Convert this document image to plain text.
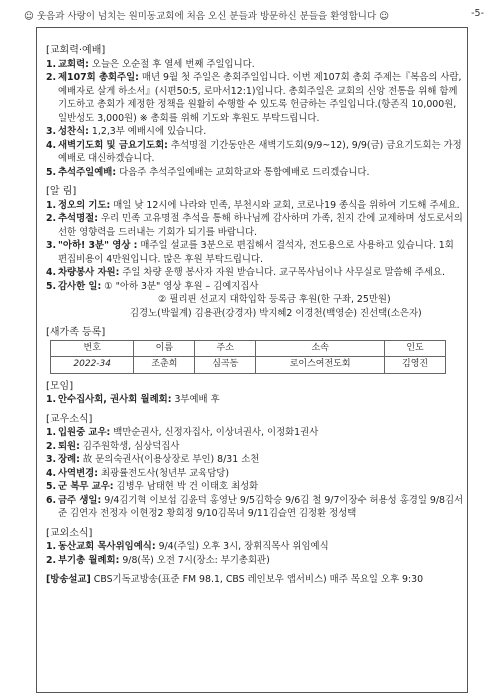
☺ 웃음과 사랑이 넘치는 원미동교회에 처음 오신 분들과 방문하신 분들을 환영합니다 ☺	-5-
[교회력·예배]
1. 교회력: 오늘은 오순절 후 열세 번째 주일입니다.
2. 제107회 총회주일: 매년 9월 첫 주일은 총회주일입니다. 이번 제107회 총회 주제는『복음의 사람, 예배자로 살게 하소서』(시편50:5, 로마서12:1)입니다. 총회주일은 교회의 신앙 전통을 위해 함께 기도하고 총회가 제정한 정책을 원활히 수행할 수 있도록 헌금하는 주일입니다.(항존직 10,000원, 일반성도 3,000원) ※ 총회를 위해 기도와 후원도 부탁드립니다.
3. 성찬식: 1,2,3부 예배시에 있습니다.
4. 새벽기도회 및 금요기도회: 추석명절 기간동안은 새벽기도회(9/9~12), 9/9(금) 금요기도회는 가정예배로 대신하겠습니다.
5. 추석주일예배: 다음주 추석주일예배는 교회학교와 통합예배로 드리겠습니다.
[알 림]
1. 정오의 기도: 매일 낮 12시에 나라와 민족, 부천시와 교회, 코로나19 종식을 위하여 기도해 주세요.
2. 추석명절: 우리 민족 고유명절 추석을 통해 하나님께 감사하며 가족, 친지 간에 교제하며 성도로서의 선한 영향력을 드러내는 기회가 되기를 바랍니다.
3. "아하! 3분" 영상 : 매주일 설교를 3분으로 편집해서 결석자, 전도용으로 사용하고 있습니다. 1회 편집비용이 4만원입니다. 많은 후원 부탁드립니다.
4. 차량봉사 자원: 주일 차량 운행 봉사자 자원 받습니다. 교구목사님이나 사무실로 말씀해 주세요.
5. 감사한 일: ① "아하 3분" 영상 후원 – 김예지집사
② 필리핀 선교지 대학입학 등록금 후원(한 구좌, 25만원)
김경노(박월계) 김용관(강경자) 박지혜2 이경천(백영순) 진선택(소은자)
[새가족 등록]
번호	이름	주소	소속	인도
2022-34	조춘희	심곡동	로이스여전도회	김영진
[모임]
1. 안수집사회, 권사회 월례회: 3부예배 후
[교우소식]
1. 입원중 교우: 백만순권사, 신정자집사, 이상녀권사, 이정화1권사
2. 퇴원: 김주원학생, 심상덕집사
3. 장례: 故 문의숙권사(이용상장로 부인) 8/31 소천
4. 사역변경: 최광률전도사(청년부 교육담당)
5. 군 복무 교우: 김병우 남태현 박 건 이태호 최성화
6. 금주 생일: 9/4김기혁 이보섭 김윤덕 홍영난 9/5김학승 9/6김 철 9/7이장수 허용성 홍경일 9/8김서준 김연자 전정자 이현정2 황희정 9/10김목녀 9/11김슬연 김정환 정성택
[교외소식]
1. 동산교회 목사위임예식: 9/4(주일) 오후 3시, 장휘직목사 위임예식
2. 부기총 월례회: 9/8(목) 오전 7시(장소: 부기총회관)
[방송설교] CBS기독교방송(표준 FM 98.1, CBS 레인보우 앱서비스) 매주 목요일 오후 9:30
